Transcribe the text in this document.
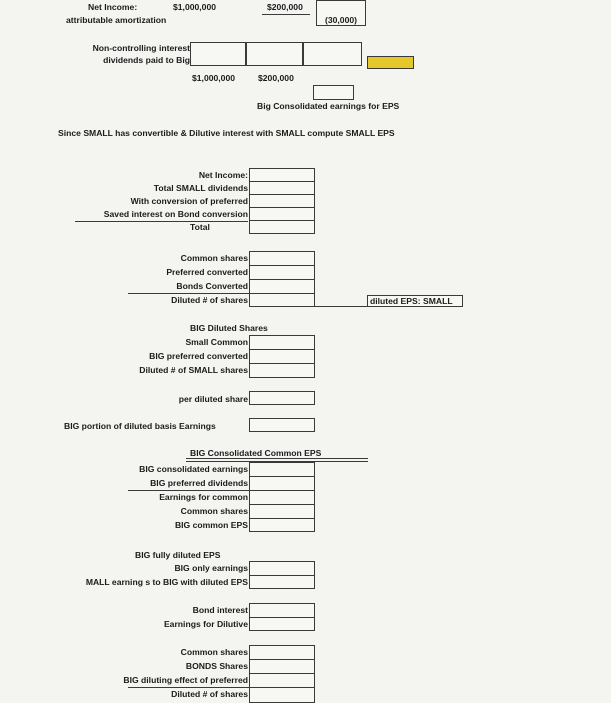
Net Income:	$1,000,000	$200,000
attributable amortization	(30,000)
Non-controlling interest
dividends paid to Big
$1,000,000	$200,000
Big Consolidated earnings for EPS
Since SMALL has convertible & Dilutive interest with SMALL compute SMALL EPS
Net Income:
Total SMALL dividends
With conversion of preferred
Saved interest on Bond conversion
Total
Common shares
Preferred converted
Bonds Converted
Diluted # of shares	diluted EPS: SMALL
BIG Diluted Shares
Small Common
BIG preferred converted
Diluted # of SMALL shares
per diluted share
BIG portion of diluted basis Earnings
BIG Consolidated Common EPS
BIG consolidated earnings
BIG preferred dividends
Earnings for common
Common shares
BIG common EPS
BIG fully diluted EPS
BIG only earnings
MALL earning s to BIG with diluted EPS
Bond interest
Earnings for Dilutive
Common shares
BONDS Shares
BIG diluting effect of preferred
Diluted # of shares
